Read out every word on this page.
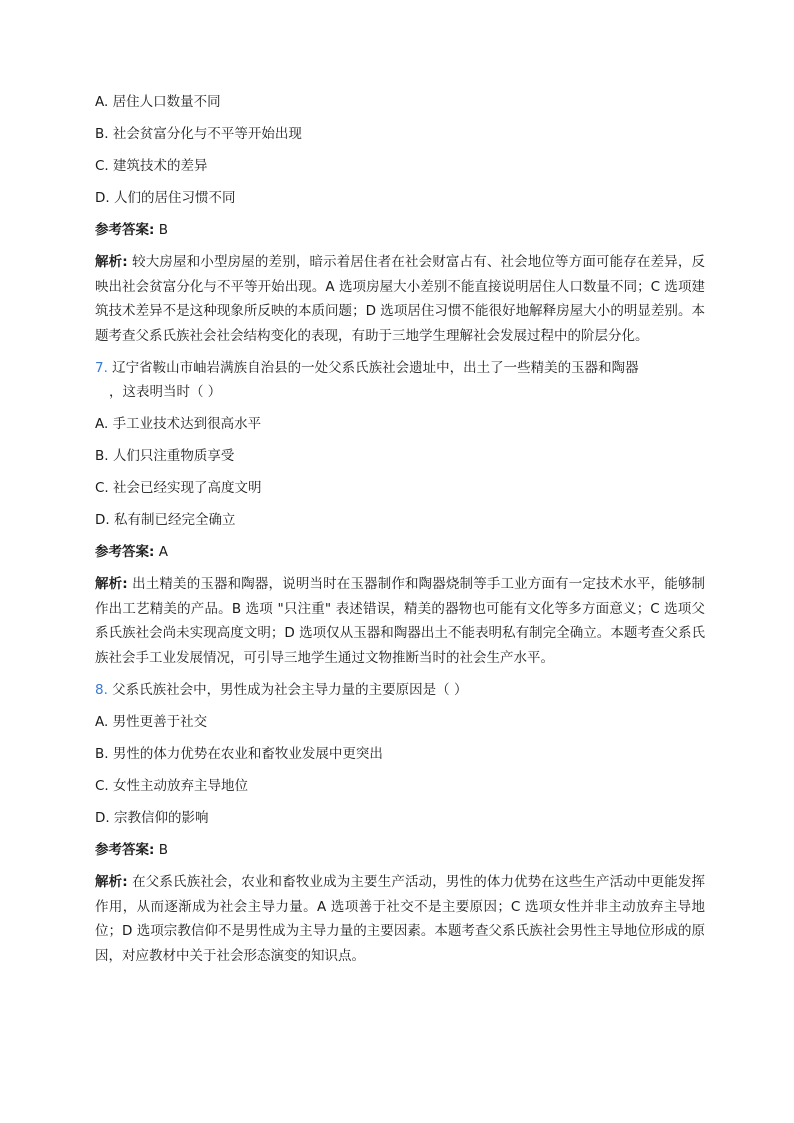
A. 居住人口数量不同
B. 社会贫富分化与不平等开始出现
C. 建筑技术的差异
D. 人们的居住习惯不同
参考答案: B
解析: 较大房屋和小型房屋的差别，暗示着居住者在社会财富占有、社会地位等方面可能存在差异，反映出社会贫富分化与不平等开始出现。A 选项房屋大小差别不能直接说明居住人口数量不同；C 选项建筑技术差异不是这种现象所反映的本质问题；D 选项居住习惯不能很好地解释房屋大小的明显差别。本题考查父系氏族社会社会结构变化的表现，有助于三地学生理解社会发展过程中的阶层分化。
7. 辽宁省鞍山市岫岩满族自治县的一处父系氏族社会遗址中，出土了一些精美的玉器和陶器
，这表明当时（ ）
A. 手工业技术达到很高水平
B. 人们只注重物质享受
C. 社会已经实现了高度文明
D. 私有制已经完全确立
参考答案: A
解析: 出土精美的玉器和陶器，说明当时在玉器制作和陶器烧制等手工业方面有一定技术水平，能够制作出工艺精美的产品。B 选项 "只注重" 表述错误，精美的器物也可能有文化等多方面意义；C 选项父系氏族社会尚未实现高度文明；D 选项仅从玉器和陶器出土不能表明私有制完全确立。本题考查父系氏族社会手工业发展情况，可引导三地学生通过文物推断当时的社会生产水平。
8. 父系氏族社会中，男性成为社会主导力量的主要原因是（ ）
A. 男性更善于社交
B. 男性的体力优势在农业和畜牧业发展中更突出
C. 女性主动放弃主导地位
D. 宗教信仰的影响
参考答案: B
解析: 在父系氏族社会，农业和畜牧业成为主要生产活动，男性的体力优势在这些生产活动中更能发挥作用，从而逐渐成为社会主导力量。A 选项善于社交不是主要原因；C 选项女性并非主动放弃主导地位；D 选项宗教信仰不是男性成为主导力量的主要因素。本题考查父系氏族社会男性主导地位形成的原因，对应教材中关于社会形态演变的知识点。
